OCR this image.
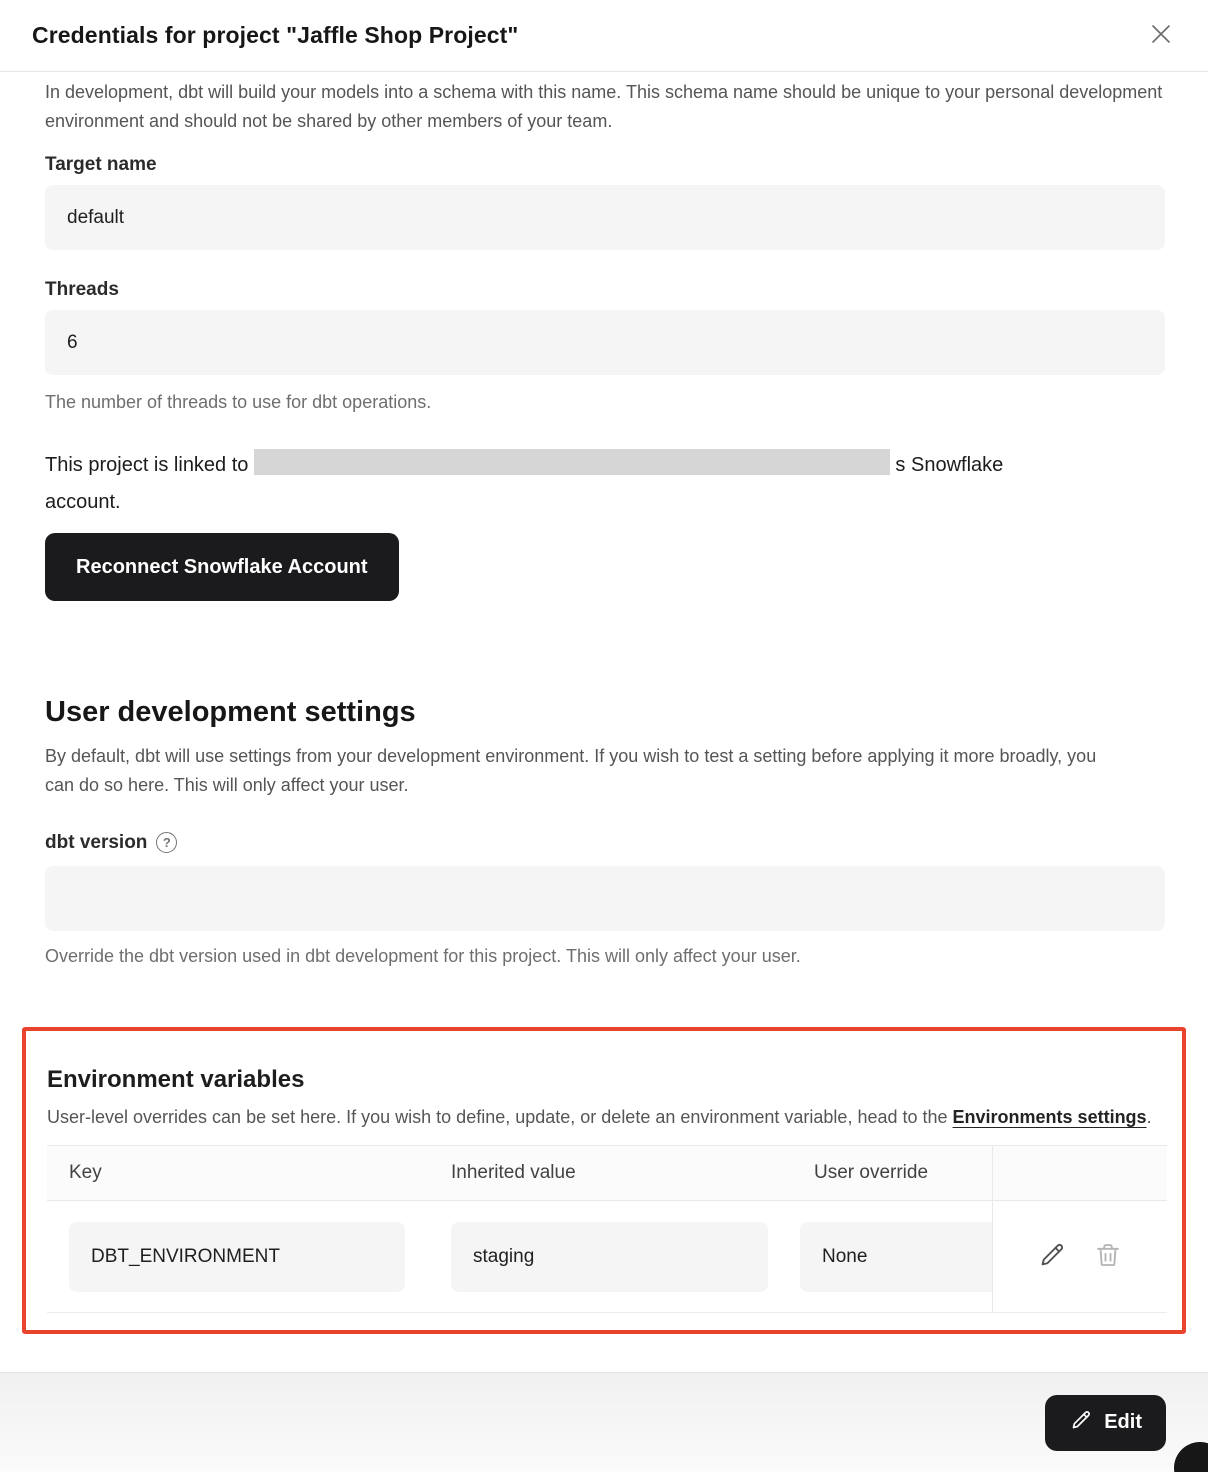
Credentials for project "Jaffle Shop Project"

In development, dbt will build your models into a schema with this name. This schema name should be unique to your personal development environment and should not be shared by other members of your team.

Target name
default
Threads
6

The number of threads to use for dbt operations.

This project is linked to	s Snowflake

account.

Reconnect Snowflake Account
User development settings

By default, dbt will use settings from your development environment. If you wish to test a setting before applying it more broadly, you can do so here. This will only affect your user.

dbt version	?

Override the dbt version used in dbt development for this project. This will only affect your user.

Environment variables

User-level overrides can be set here. If you wish to define, update, or delete an environment variable, head to the Environments settings.

Key	Inherited value	User override
DBT_ENVIRONMENT	staging	None
Edit
